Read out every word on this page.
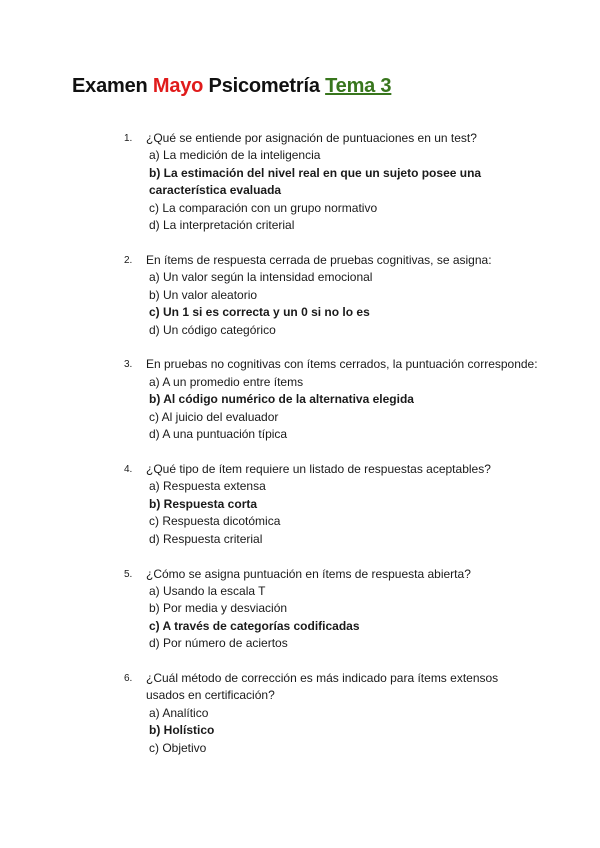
Examen Mayo Psicometría Tema 3
1. ¿Qué se entiende por asignación de puntuaciones en un test?
a) La medición de la inteligencia
b) La estimación del nivel real en que un sujeto posee una característica evaluada
c) La comparación con un grupo normativo
d) La interpretación criterial
2. En ítems de respuesta cerrada de pruebas cognitivas, se asigna:
a) Un valor según la intensidad emocional
b) Un valor aleatorio
c) Un 1 si es correcta y un 0 si no lo es
d) Un código categórico
3. En pruebas no cognitivas con ítems cerrados, la puntuación corresponde:
a) A un promedio entre ítems
b) Al código numérico de la alternativa elegida
c) Al juicio del evaluador
d) A una puntuación típica
4. ¿Qué tipo de ítem requiere un listado de respuestas aceptables?
a) Respuesta extensa
b) Respuesta corta
c) Respuesta dicotómica
d) Respuesta criterial
5. ¿Cómo se asigna puntuación en ítems de respuesta abierta?
a) Usando la escala T
b) Por media y desviación
c) A través de categorías codificadas
d) Por número de aciertos
6. ¿Cuál método de corrección es más indicado para ítems extensos usados en certificación?
a) Analítico
b) Holístico
c) Objetivo
